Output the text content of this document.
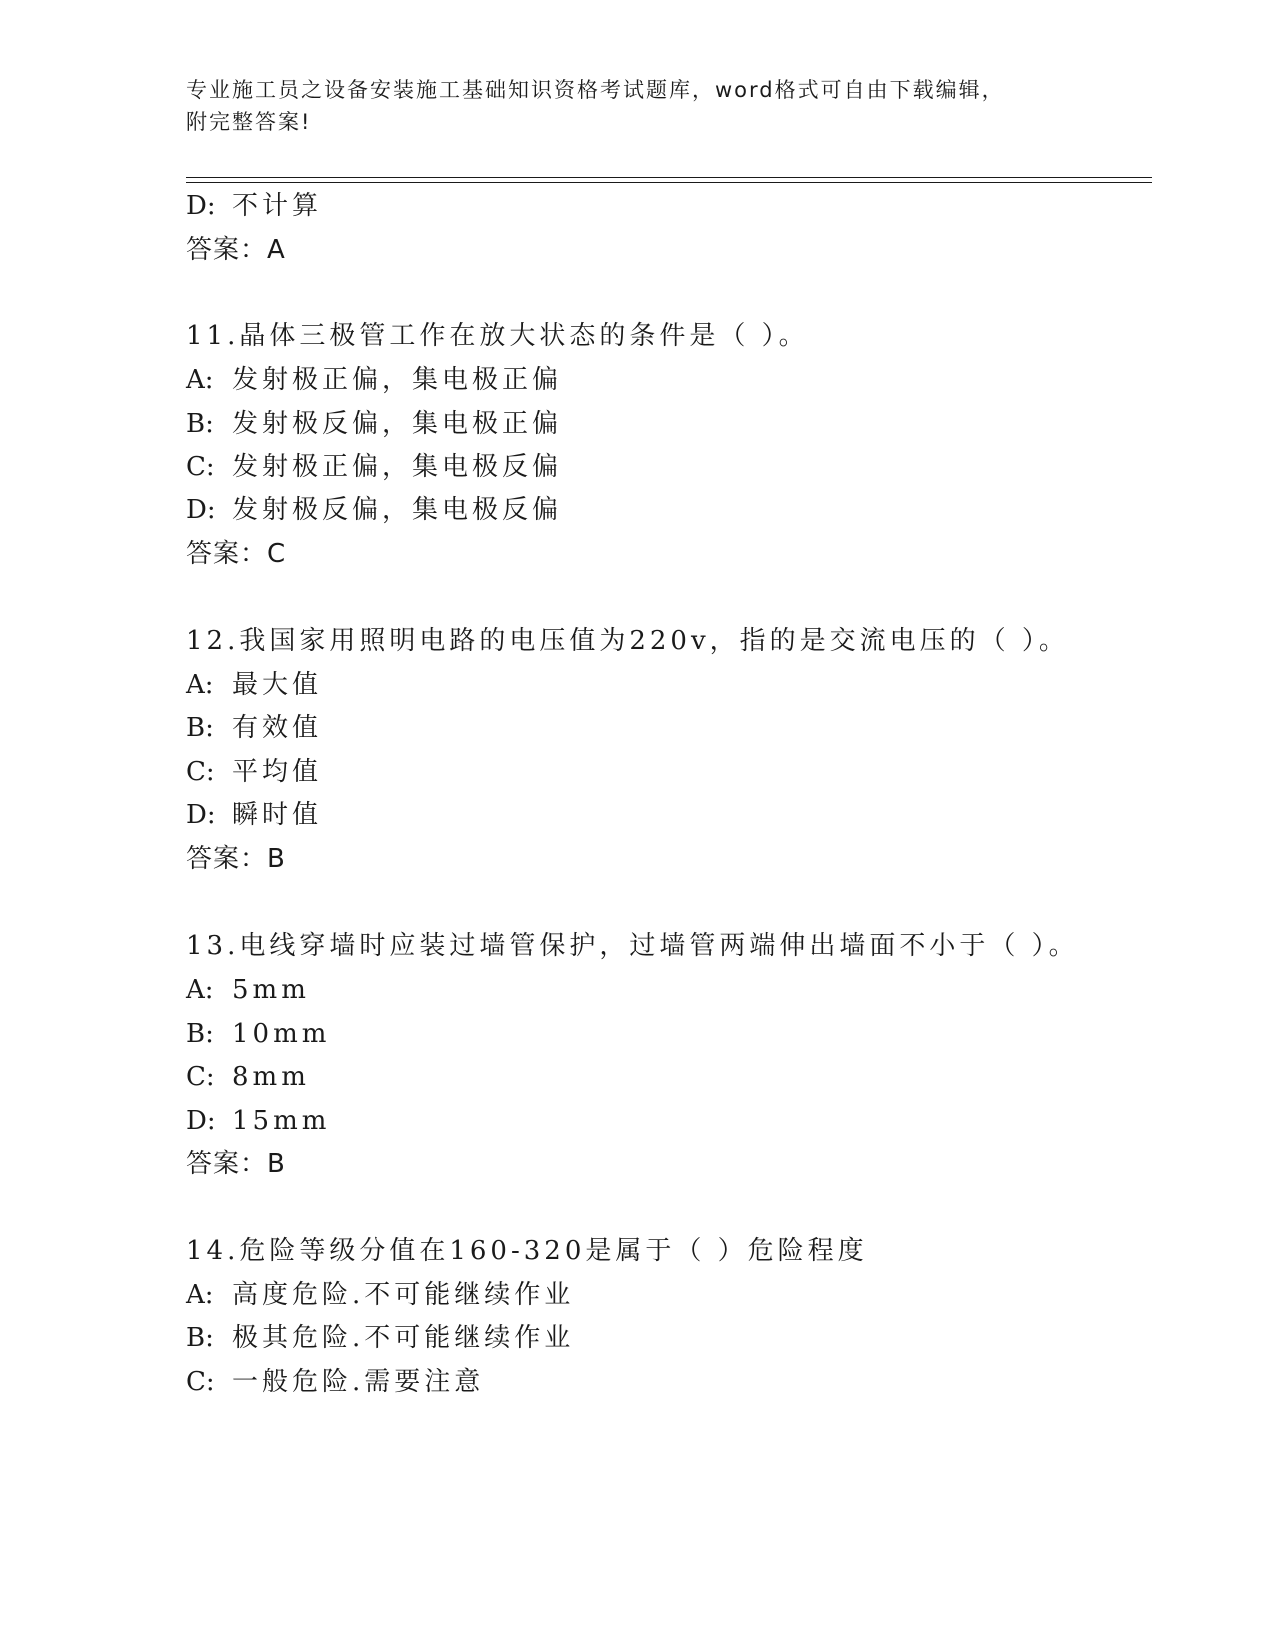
专业施工员之设备安装施工基础知识资格考试题库，word格式可自由下载编辑，
附完整答案!
D: 不计算
答案：A
11.晶体三极管工作在放大状态的条件是（ ）。
A: 发射极正偏，集电极正偏
B: 发射极反偏，集电极正偏
C: 发射极正偏，集电极反偏
D: 发射极反偏，集电极反偏
答案：C
12.我国家用照明电路的电压值为220v，指的是交流电压的（ ）。
A: 最大值
B: 有效值
C: 平均值
D: 瞬时值
答案：B
13.电线穿墙时应装过墙管保护，过墙管两端伸出墙面不小于（ ）。
A: 5mm
B: 10mm
C: 8mm
D: 15mm
答案：B
14.危险等级分值在160-320是属于（ ）危险程度
A: 高度危险.不可能继续作业
B: 极其危险.不可能继续作业
C: 一般危险.需要注意
